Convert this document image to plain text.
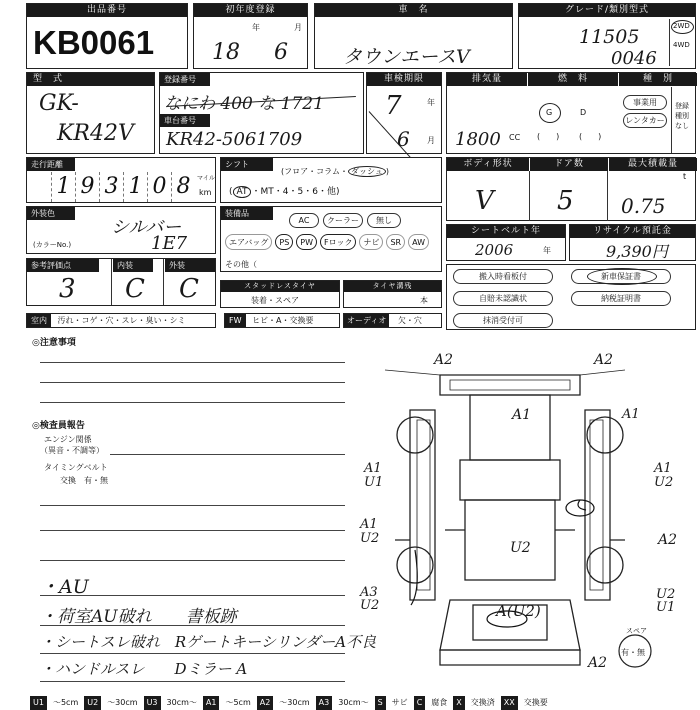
出品番号
KB0061
初年度登録
年	月
18 6
車　名
タウンエースV
グレード/類別型式
11505
0046
2WD
4WD
型　式
GK-
KR42V
登録番号
なにわ 400 な 1721
車台番号
KR42-5061709
車検期限
7	年
6 月
排気量	燃　料	種　別
1800 CC
G	D
(　　) (　　)
事業用
レンタカー
登録
種別なし
走行距離
1 9 3 1 0 8	マイル
km
シフト
(フロア・コラム・ ダッシュ )
( AT ・MT・4・5・6・他)
ボディ形状	ドア数	最大積載量
V 5
t
0.75
外装色
シルバー
(カラーNo.)	1E7
装備品
AC	クーラー	無し
エアバッグ	PS	PW	Fロック	ナビ	SR	AW
その他（
シートベルト年
2006	年
リサイクル預託金
9,390円
参考評価点	内装	外装
3 C C	スタッドレスタイヤ
装着・スペア
タイヤ溝残
本
搬入時看板付	新車保証書
自賠未認識状	納税証明書
抹消受付可
室内 汚れ・コゲ・穴・スレ・臭い・シミ	FW ヒビ・A・交換要	オーディオ 欠・穴
◎注意事項
◎検査員報告
エンジン関係
（異音・不調等）
タイミングベルト
交換　有・無
・AU
・荷室AU破れ　　書板跡
・シートスレ破れ　RゲートキーシリンダーA不良
・ハンドルスレ　　Dミラー A
A2	A2
A1	A1
A1 U1
A1 U2
A1 U2	A2
U2
A3 U2
U2 U1
A(U2)
A2
スペア
有・無
U1 ～5cm U2 ～30cm U3 30cm～ A1 ～5cm A2 ～30cm A3 30cm～ S サビ C 腐食 X 交換済 XX 交換要
